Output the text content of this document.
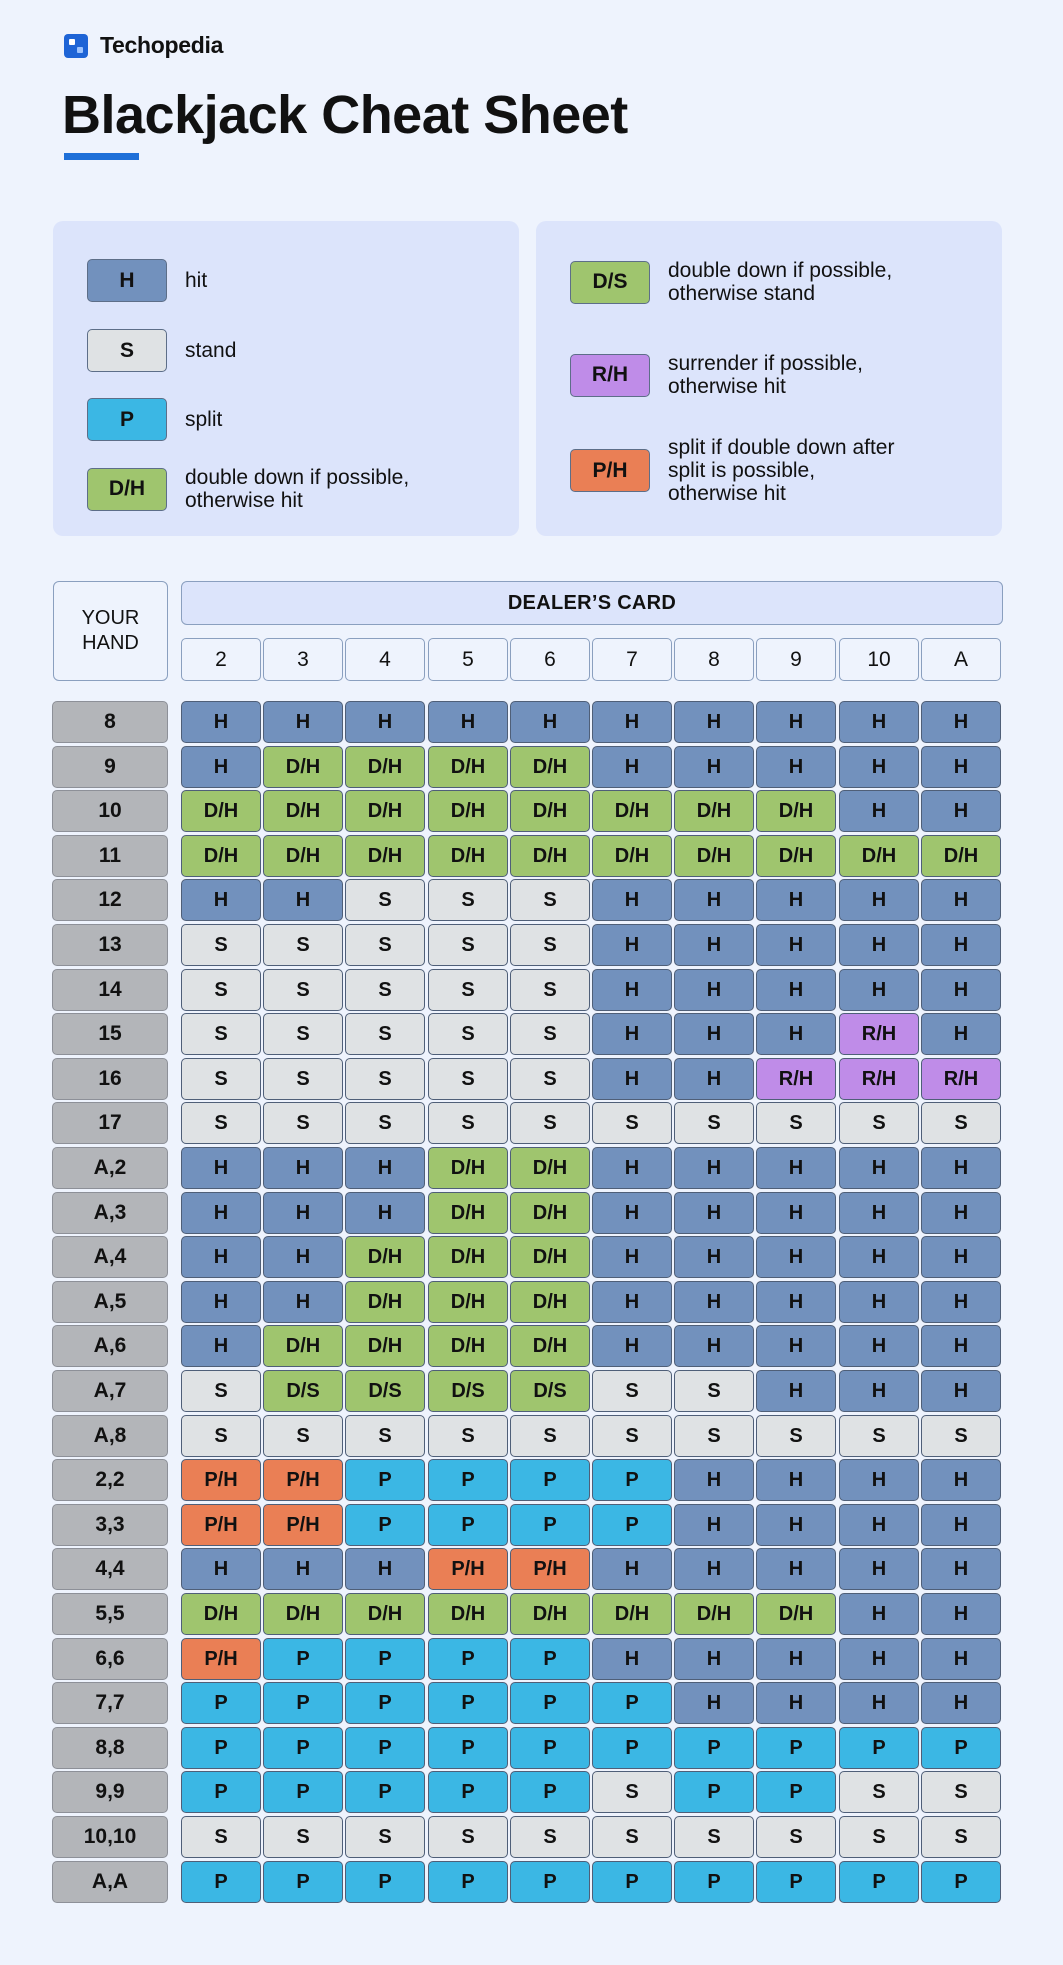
Techopedia
Blackjack Cheat Sheet
H	hit
S	stand
P	split
D/H	double down if possible,
otherwise hit
D/S	double down if possible,
otherwise stand
R/H	surrender if possible,
otherwise hit
P/H
split if double down after
split is possible,
otherwise hit
YOUR
HAND
DEALER’S CARD
2	3	4	5	6	7	8	9	10	A
8	H	H	H	H	H	H	H	H	H	H
9	H	D/H	D/H	D/H	D/H	H	H	H	H	H
10	D/H	D/H	D/H	D/H	D/H	D/H	D/H	D/H	H	H
11	D/H	D/H	D/H	D/H	D/H	D/H	D/H	D/H	D/H	D/H
12	H	H	S	S	S	H	H	H	H	H
13	S	S	S	S	S	H	H	H	H	H
14	S	S	S	S	S	H	H	H	H	H
15	S	S	S	S	S	H	H	H	R/H	H
16	S	S	S	S	S	H	H	R/H	R/H	R/H
17	S	S	S	S	S	S	S	S	S	S
A,2	H	H	H	D/H	D/H	H	H	H	H	H
A,3	H	H	H	D/H	D/H	H	H	H	H	H
A,4	H	H	D/H	D/H	D/H	H	H	H	H	H
A,5	H	H	D/H	D/H	D/H	H	H	H	H	H
A,6	H	D/H	D/H	D/H	D/H	H	H	H	H	H
A,7	S	D/S	D/S	D/S	D/S	S	S	H	H	H
A,8	S	S	S	S	S	S	S	S	S	S
2,2	P/H	P/H	P	P	P	P	H	H	H	H
3,3	P/H	P/H	P	P	P	P	H	H	H	H
4,4	H	H	H	P/H	P/H	H	H	H	H	H
5,5	D/H	D/H	D/H	D/H	D/H	D/H	D/H	D/H	H	H
6,6	P/H	P	P	P	P	H	H	H	H	H
7,7	P	P	P	P	P	P	H	H	H	H
8,8	P	P	P	P	P	P	P	P	P	P
9,9	P	P	P	P	P	S	P	P	S	S
10,10	S	S	S	S	S	S	S	S	S	S
A,A	P	P	P	P	P	P	P	P	P	P
